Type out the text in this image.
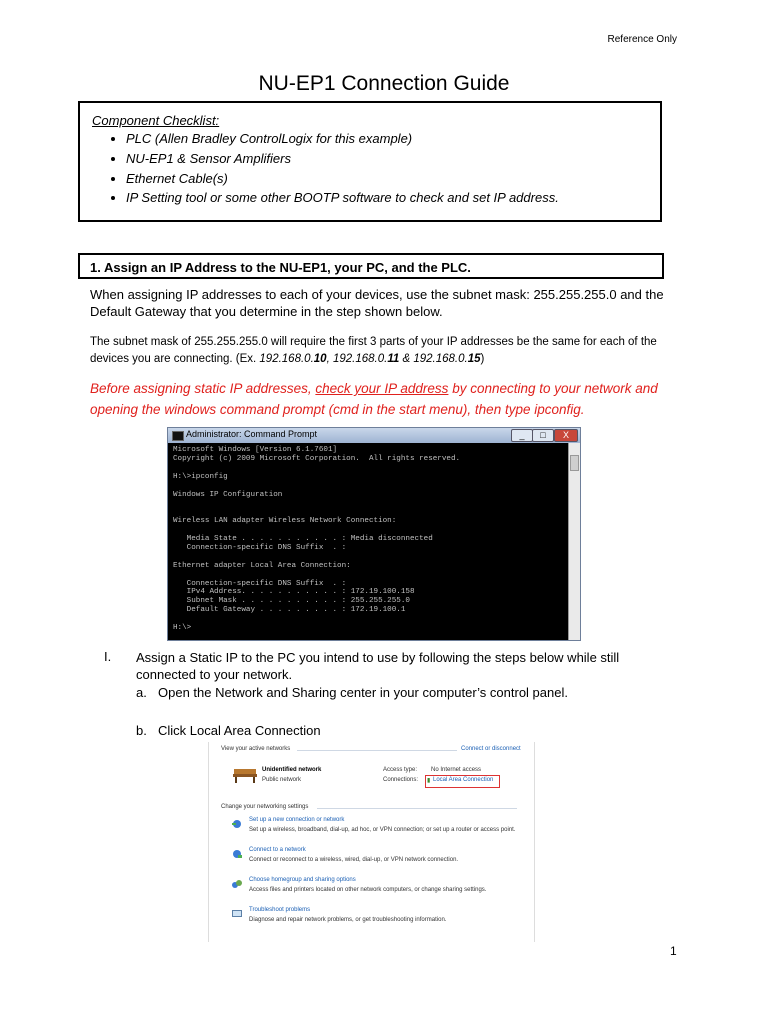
Reference Only
NU-EP1 Connection Guide
Component Checklist:
• PLC (Allen Bradley ControlLogix for this example)
• NU-EP1 & Sensor Amplifiers
• Ethernet Cable(s)
• IP Setting tool or some other BOOTP software to check and set IP address.
1. Assign an IP Address to the NU-EP1, your PC, and the PLC.
When assigning IP addresses to each of your devices, use the subnet mask: 255.255.255.0 and the Default Gateway that you determine in the step shown below.
The subnet mask of 255.255.255.0 will require the first 3 parts of your IP addresses be the same for each of the devices you are connecting. (Ex. 192.168.0.10, 192.168.0.11 & 192.168.0.15)
Before assigning static IP addresses, check your IP address by connecting to your network and opening the windows command prompt (cmd in the start menu), then type ipconfig.
Administrator: Command Prompt	_	□	X
Microsoft Windows [Version 6.1.7601]
Copyright (c) 2009 Microsoft Corporation.  All rights reserved.
H:\>ipconfig
Windows IP Configuration
Wireless LAN adapter Wireless Network Connection:
Media State . . . . . . . . . . . : Media disconnected
Connection-specific DNS Suffix  . :
Ethernet adapter Local Area Connection:
Connection-specific DNS Suffix  . :
IPv4 Address. . . . . . . . . . . : 172.19.100.158
Subnet Mask . . . . . . . . . . . : 255.255.255.0
Default Gateway . . . . . . . . . : 172.19.100.1
H:\>
I. Assign a Static IP to the PC you intend to use by following the steps below while still connected to your network.
a. Open the Network and Sharing center in your computer’s control panel.
b. Click Local Area Connection
View your active networks	Connect or disconnect
Unidentified network
Public network
Access type: No Internet access
Connections: ▮ Local Area Connection
Change your networking settings
Set up a new connection or network
Set up a wireless, broadband, dial-up, ad hoc, or VPN connection; or set up a router or access point.
Connect to a network
Connect or reconnect to a wireless, wired, dial-up, or VPN network connection.
Choose homegroup and sharing options
Access files and printers located on other network computers, or change sharing settings.
Troubleshoot problems
Diagnose and repair network problems, or get troubleshooting information.
1
